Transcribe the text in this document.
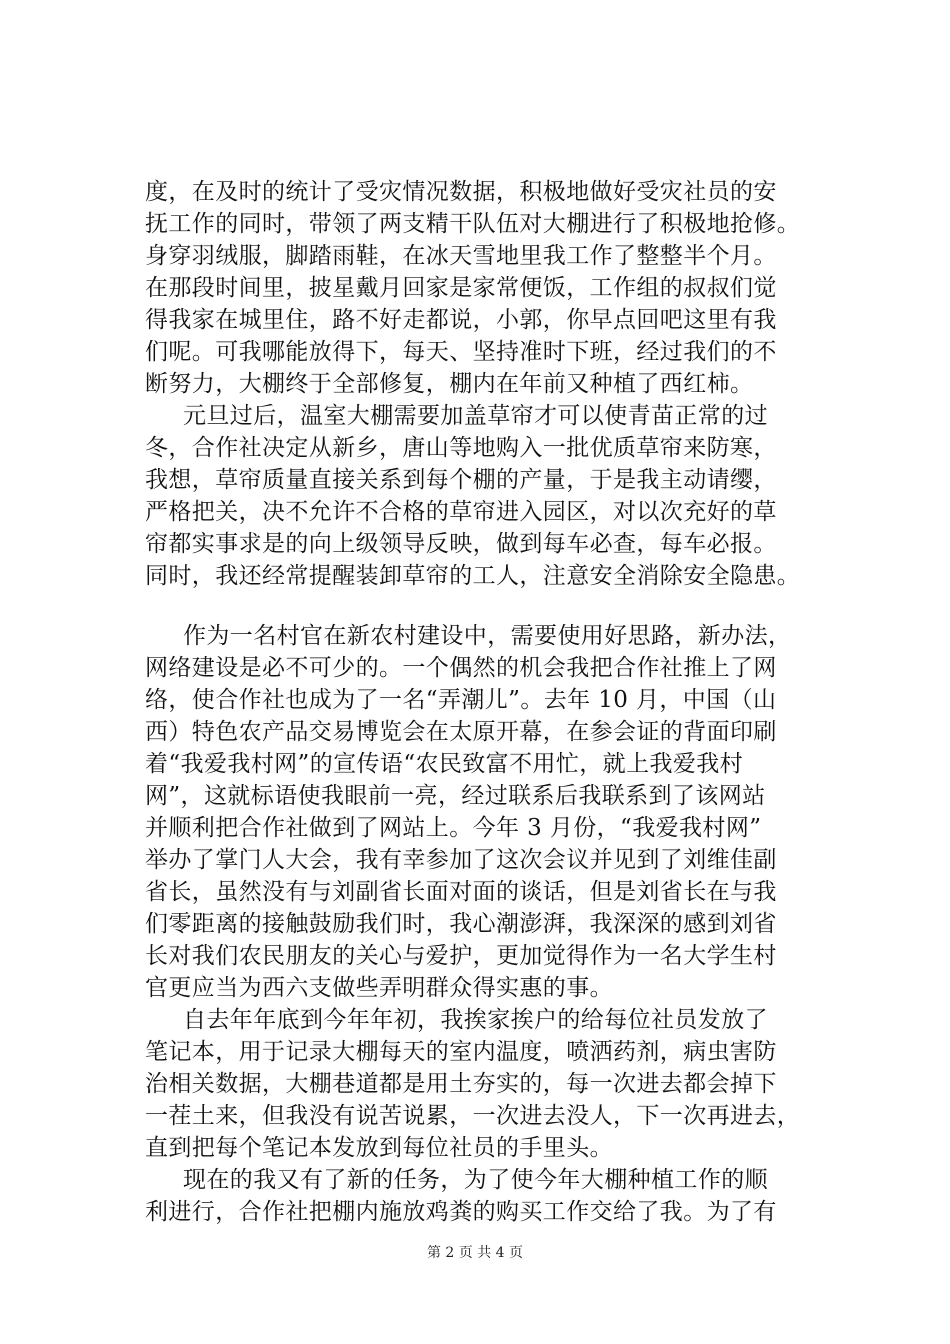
度，在及时的统计了受灾情况数据，积极地做好受灾社员的安
抚工作的同时，带领了两支精干队伍对大棚进行了积极地抢修。
身穿羽绒服，脚踏雨鞋，在冰天雪地里我工作了整整半个月。
在那段时间里，披星戴月回家是家常便饭，工作组的叔叔们觉
得我家在城里住，路不好走都说，小郭，你早点回吧这里有我
们呢。可我哪能放得下，每天、坚持准时下班，经过我们的不
断努力，大棚终于全部修复，棚内在年前又种植了西红柿。
元旦过后，温室大棚需要加盖草帘才可以使青苗正常的过
冬，合作社决定从新乡，唐山等地购入一批优质草帘来防寒，
我想，草帘质量直接关系到每个棚的产量，于是我主动请缨，
严格把关，决不允许不合格的草帘进入园区，对以次充好的草
帘都实事求是的向上级领导反映，做到每车必查，每车必报。
同时，我还经常提醒装卸草帘的工人，注意安全消除安全隐患。
作为一名村官在新农村建设中，需要使用好思路，新办法，
网络建设是必不可少的。一个偶然的机会我把合作社推上了网
络，使合作社也成为了一名“弄潮儿”。去年 10 月，中国（山
西）特色农产品交易博览会在太原开幕，在参会证的背面印刷
着“我爱我村网”的宣传语“农民致富不用忙，就上我爱我村
网”，这就标语使我眼前一亮，经过联系后我联系到了该网站
并顺利把合作社做到了网站上。今年 3 月份，“我爱我村网”
举办了掌门人大会，我有幸参加了这次会议并见到了刘维佳副
省长，虽然没有与刘副省长面对面的谈话，但是刘省长在与我
们零距离的接触鼓励我们时，我心潮澎湃，我深深的感到刘省
长对我们农民朋友的关心与爱护，更加觉得作为一名大学生村
官更应当为西六支做些弄明群众得实惠的事。
自去年年底到今年年初，我挨家挨户的给每位社员发放了
笔记本，用于记录大棚每天的室内温度，喷洒药剂，病虫害防
治相关数据，大棚巷道都是用土夯实的，每一次进去都会掉下
一茬土来，但我没有说苦说累，一次进去没人，下一次再进去，
直到把每个笔记本发放到每位社员的手里头。
现在的我又有了新的任务，为了使今年大棚种植工作的顺
利进行，合作社把棚内施放鸡粪的购买工作交给了我。为了有
第 2 页 共 4 页
